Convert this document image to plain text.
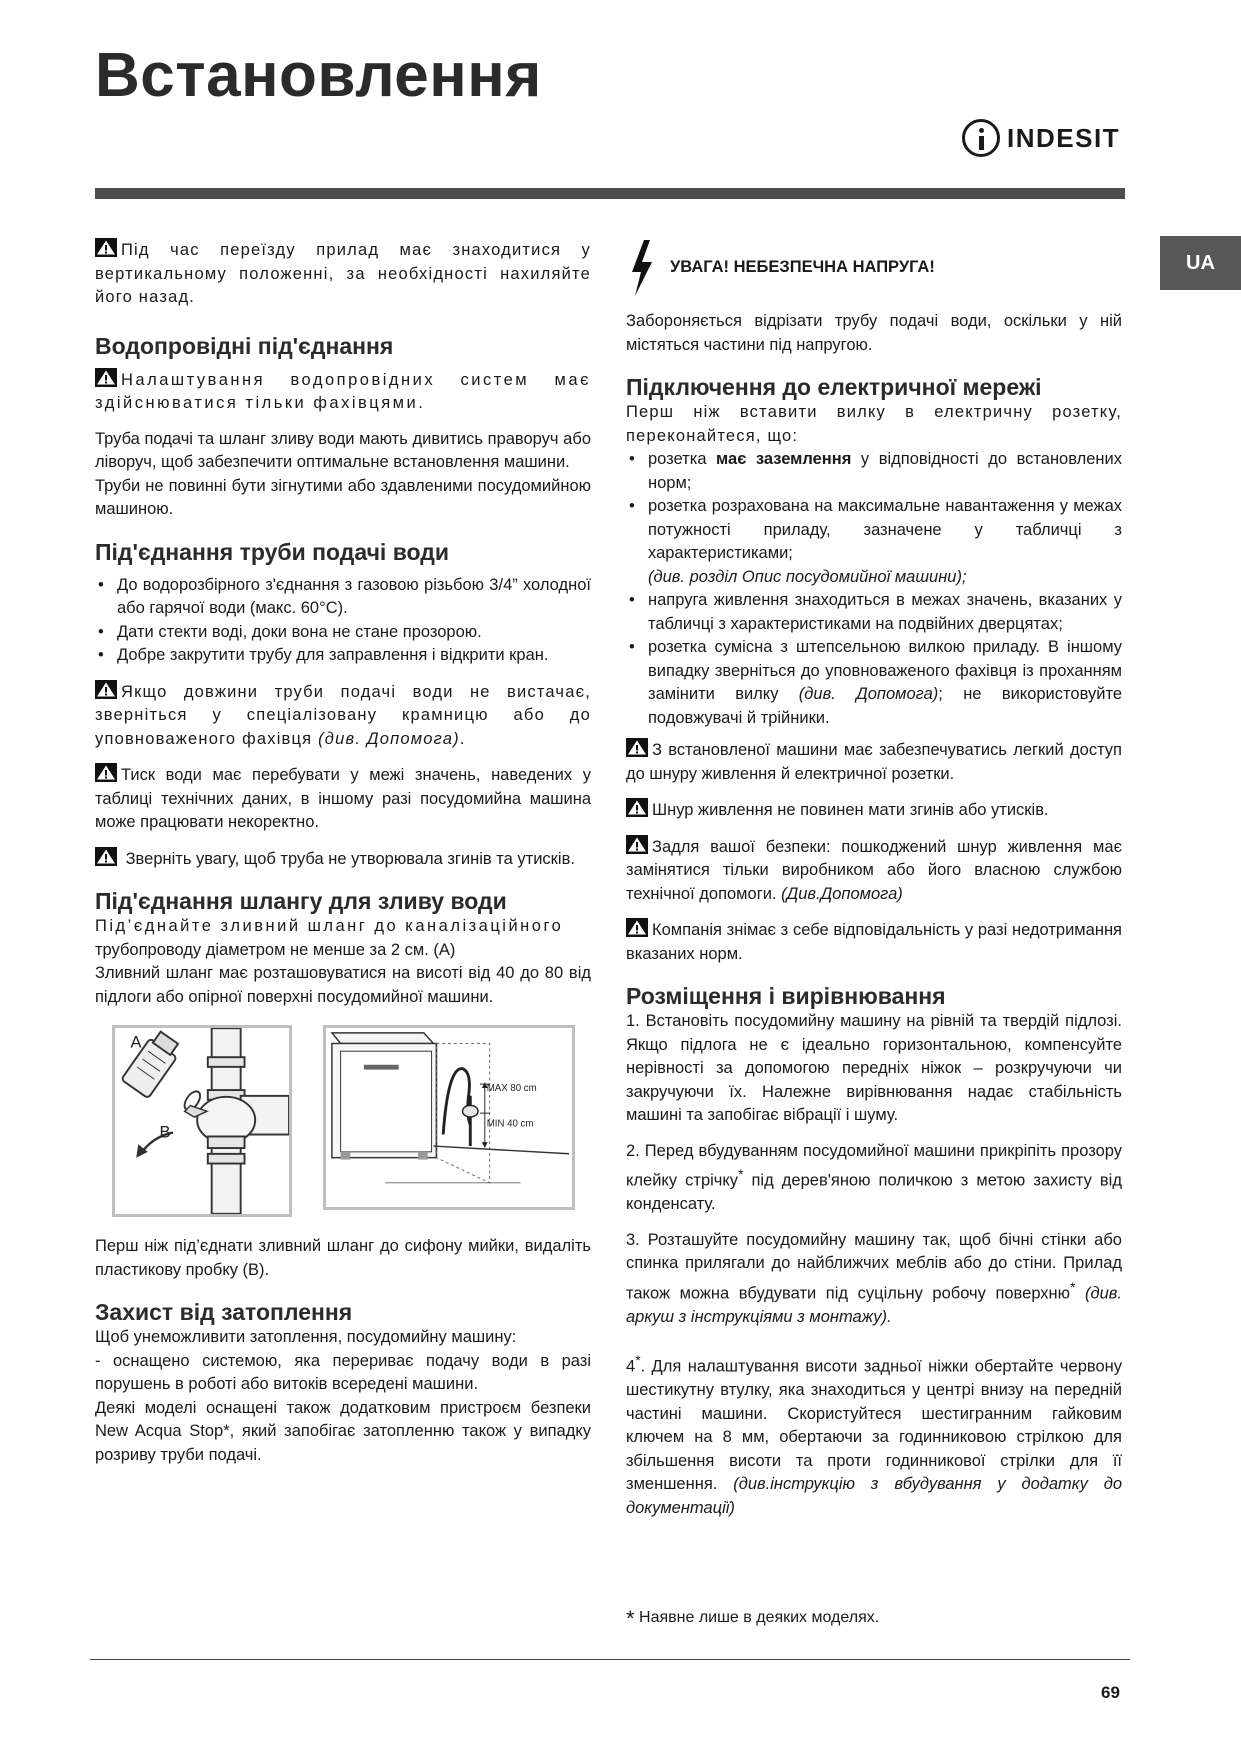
Встановлення
INDESIT
UA

Під час переїзду прилад має знаходитися у вертикальному положенні, за необхідності нахиляйте його назад.

Водопровідні під'єднання

Налаштування водопровідних систем має здійснюватися тільки фахівцями.

Труба подачі та шланг зливу води мають дивитись праворуч або ліворуч, щоб забезпечити оптимальне встановлення машини.

Труби не повинні бути зігнутими або здавленими посудомийною машиною.

Під'єднання труби подачі води
• До водорозбірного з'єднання з газовою різьбою 3/4” холодної або гарячої води (макс. 60°С).
• Дати стекти воді, доки вона не стане прозорою.
• Добре закрутити трубу для заправлення і відкрити кран.

Якщо довжини труби подачі води не вистачає, зверніться у спеціалізовану крамницю або до уповноваженого фахівця (див. Допомога).

Тиск води має перебувати у межі значень, наведених у таблиці технічних даних, в іншому разі посудомийна машина може працювати некоректно.

Зверніть увагу, щоб труба не утворювала згинів та утисків.

Під'єднання шлангу для зливу води

Під’єднайте зливний шланг до каналізаційного

трубопроводу діаметром не менше за 2 см. (A)

Зливний шланг має розташовуватися на висоті від 40 до 80 від підлоги або опірної поверхні посудомийної машини.

A
B
MAX 80 cm
MIN 40 cm

Перш ніж під’єднати зливний шланг до сифону мийки, видаліть пластикову пробку (B).

Захист від затоплення

Щоб унеможливити затоплення, посудомийну машину:

- оснащено системою, яка перериває подачу води в разі порушень в роботі або витоків всередені машини.

Деякі моделі оснащені також додатковим пристроєм безпеки New Acqua Stop*, який запобігає затопленню також у випадку розриву труби подачі.

УВАГА! НЕБЕЗПЕЧНА НАПРУГА!

Забороняється відрізати трубу подачі води, оскільки у ній містяться частини під напругою.

Підключення до електричної мережі

Перш ніж вставити вилку в електричну розетку, переконайтеся, що:

• розетка має заземлення у відповідності до встановлених норм;
• розетка розрахована на максимальне навантаження у межах потужності приладу, зазначене у табличці з характеристиками;
(див. розділ Опис посудомийної машини);
• напруга живлення знаходиться в межах значень, вказаних у табличці з характеристиками на подвійних дверцятах;
• розетка сумісна з штепсельною вилкою приладу. В іншому випадку зверніться до уповноваженого фахівця із проханням замінити вилку (див. Допомога); не використовуйте подовжувачі й трійники.

З встановленої машини має забезпечуватись легкий доступ до шнуру живлення й електричної розетки.

Шнур живлення не повинен мати згинів або утисків.

Задля вашої безпеки: пошкоджений шнур живлення має замінятися тільки виробником або його власною службою технічної допомоги. (Див.Допомога)

Компанія знімає з себе відповідальність у разі недотримання вказаних норм.

Розміщення і вирівнювання

1. Встановіть посудомийну машину на рівній та твердій підлозі. Якщо підлога не є ідеально горизонтальною, компенсуйте нерівності за допомогою передніх ніжок – розкручуючи чи закручуючи їх. Належне вирівнювання надає стабільність машині та запобігає вібрації і шуму.

2. Перед вбудуванням посудомийної машини прикріпіть прозору клейку стрічку* під дерев'яною поличкою з метою захисту від конденсату.

3. Розташуйте посудомийну машину так, щоб бічні стінки або спинка прилягали до найближчих меблів або до стіни. Прилад також можна вбудувати під суцільну робочу поверхню* (див. аркуш з інструкціями з монтажу).

4*. Для налаштування висоти задньої ніжки обертайте червону шестикутну втулку, яка знаходиться у центрі внизу на передній частині машини. Скористуйтеся шестигранним гайковим ключем на 8 мм, обертаючи за годинниковою стрілкою для збільшення висоти та проти годинникової стрілки для її зменшення. (див.інструкцію з вбудування у додатку до документації)

* Наявне лише в деяких моделях.
69
